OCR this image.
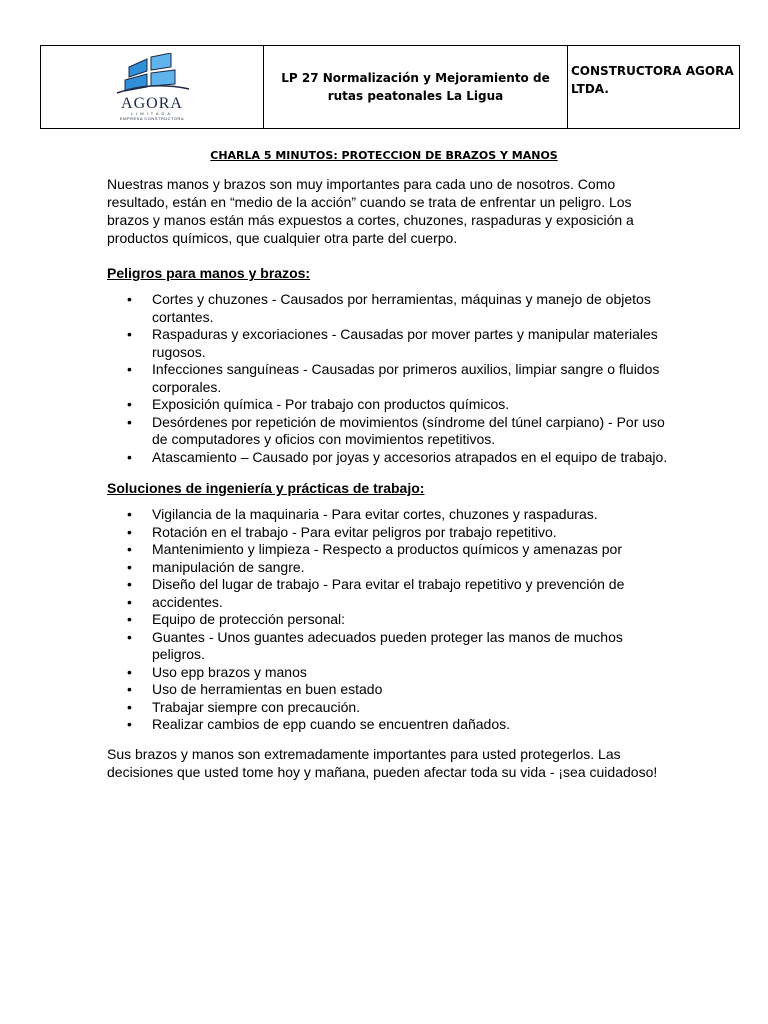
AGORA
LIMITADA
EMPRESA CONSTRUCTORA
	LP 27 Normalización y Mejoramiento de rutas peatonales La Ligua	CONSTRUCTORA AGORA LTDA.
CHARLA 5 MINUTOS: PROTECCION DE BRAZOS Y MANOS

Nuestras manos y brazos son muy importantes para cada uno de nosotros. Como resultado, están en “medio de la acción” cuando se trata de enfrentar un peligro. Los brazos y manos están más expuestos a cortes, chuzones, raspaduras y exposición a productos químicos, que cualquier otra parte del cuerpo.

Peligros para manos y brazos:

• Cortes y chuzones - Causados por herramientas, máquinas y manejo de objetos cortantes.
• Raspaduras y excoriaciones - Causadas por mover partes y manipular materiales rugosos.
• Infecciones sanguíneas - Causadas por primeros auxilios, limpiar sangre o fluidos corporales.
• Exposición química - Por trabajo con productos químicos.
• Desórdenes por repetición de movimientos (síndrome del túnel carpiano) - Por uso de computadores y oficios con movimientos repetitivos.
• Atascamiento – Causado por joyas y accesorios atrapados en el equipo de trabajo.

Soluciones de ingeniería y prácticas de trabajo:

• Vigilancia de la maquinaria - Para evitar cortes, chuzones y raspaduras.
• Rotación en el trabajo - Para evitar peligros por trabajo repetitivo.
• Mantenimiento y limpieza - Respecto a productos químicos y amenazas por
• manipulación de sangre.
• Diseño del lugar de trabajo - Para evitar el trabajo repetitivo y prevención de
• accidentes.
• Equipo de protección personal:
• Guantes - Unos guantes adecuados pueden proteger las manos de muchos peligros.
• Uso epp brazos y manos
• Uso de herramientas en buen estado
• Trabajar siempre con precaución.
• Realizar cambios de epp cuando se encuentren dañados.

Sus brazos y manos son extremadamente importantes para usted protegerlos. Las decisiones que usted tome hoy y mañana, pueden afectar toda su vida - ¡sea cuidadoso!
